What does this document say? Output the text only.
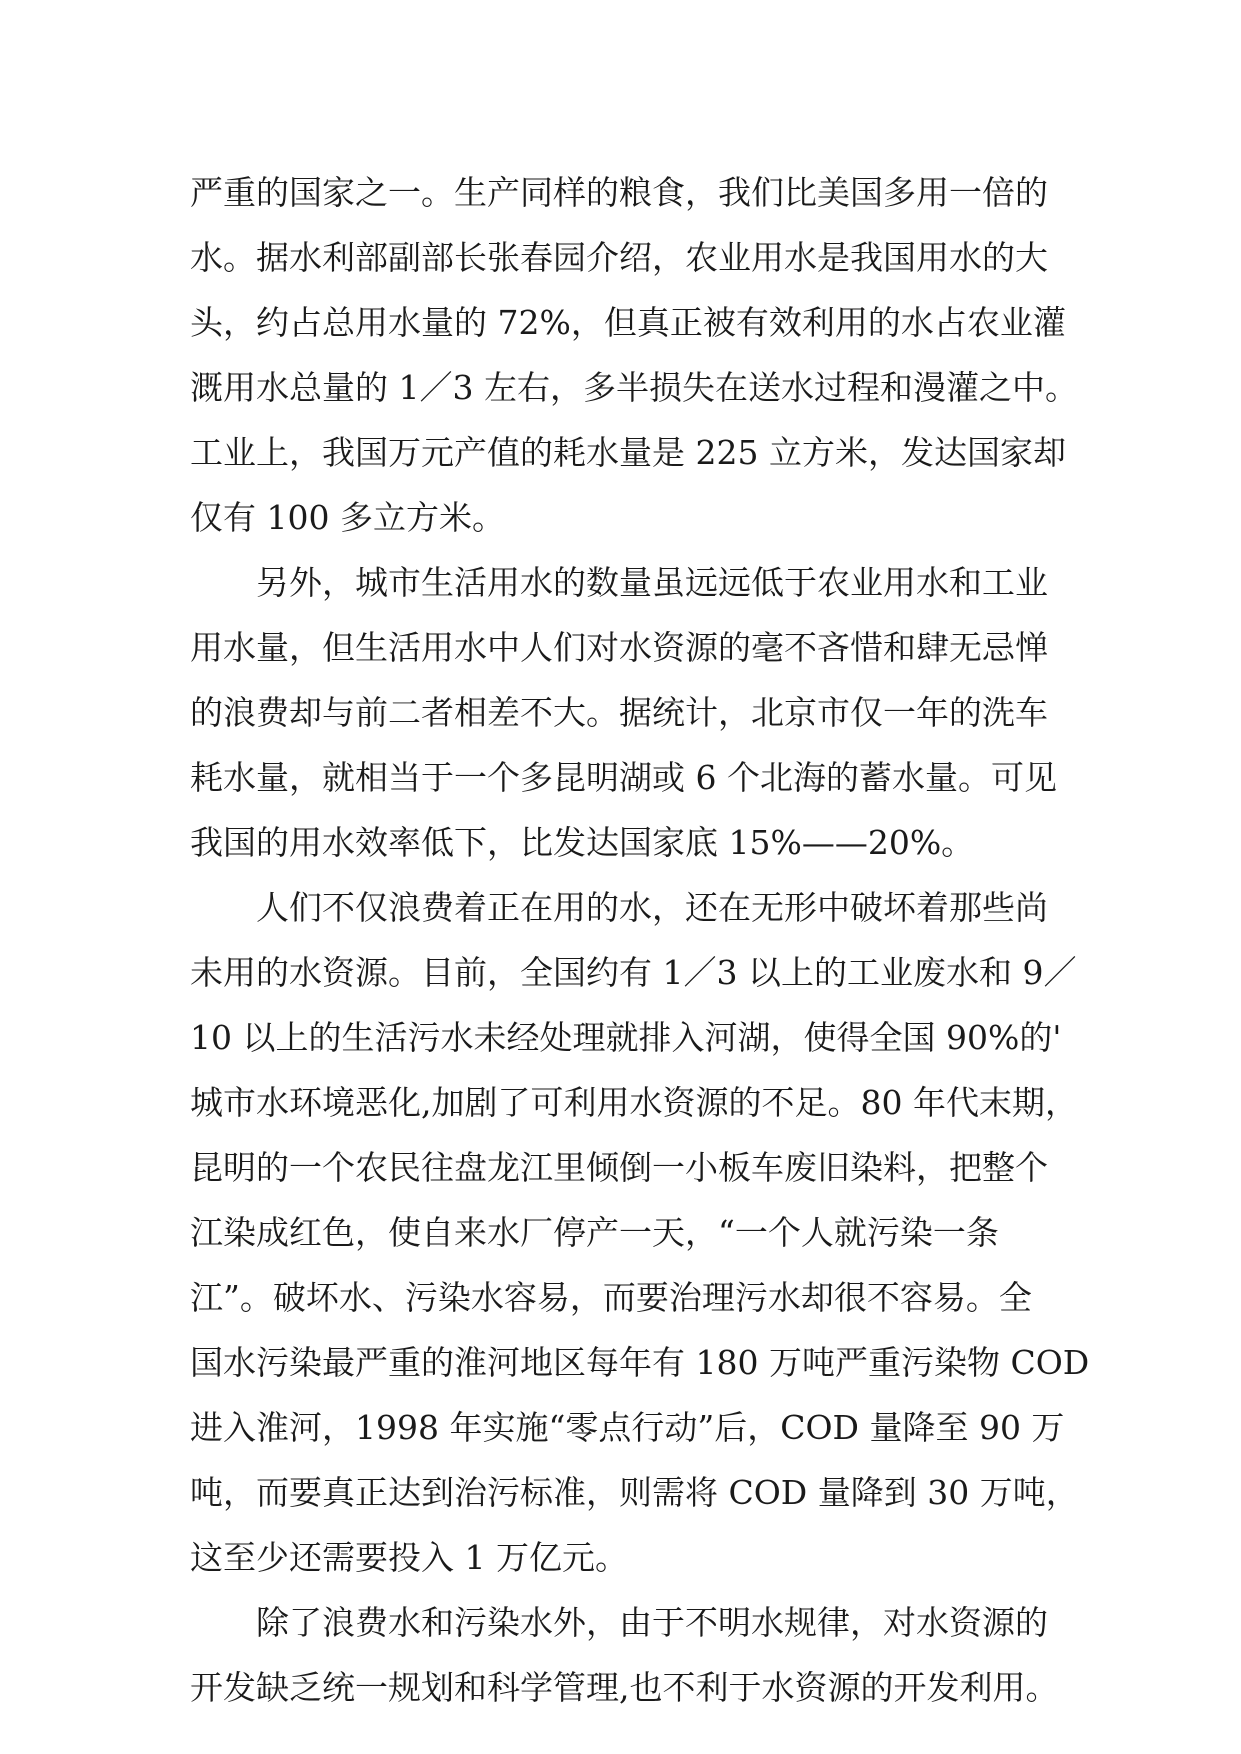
严重的国家之一。生产同样的粮食，我们比美国多用一倍的
水。据水利部副部长张春园介绍，农业用水是我国用水的大
头，约占总用水量的 72%，但真正被有效利用的水占农业灌
溉用水总量的 1／3 左右，多半损失在送水过程和漫灌之中。
工业上，我国万元产值的耗水量是 225 立方米，发达国家却
仅有 100 多立方米。
另外，城市生活用水的数量虽远远低于农业用水和工业
用水量，但生活用水中人们对水资源的毫不吝惜和肆无忌惮
的浪费却与前二者相差不大。据统计，北京市仅一年的洗车
耗水量，就相当于一个多昆明湖或 6 个北海的蓄水量。可见
我国的用水效率低下，比发达国家底 15%——20%。
人们不仅浪费着正在用的水，还在无形中破坏着那些尚
未用的水资源。目前，全国约有 1／3 以上的工业废水和 9／
10 以上的生活污水未经处理就排入河湖，使得全国 90%的'
城市水环境恶化,加剧了可利用水资源的不足。80 年代末期，
昆明的一个农民往盘龙江里倾倒一小板车废旧染料，把整个
江染成红色，使自来水厂停产一天，“一个人就污染一条
江”。破坏水、污染水容易，而要治理污水却很不容易。全
国水污染最严重的淮河地区每年有 180 万吨严重污染物 COD
进入淮河，1998 年实施“零点行动”后，COD 量降至 90 万
吨，而要真正达到治污标准，则需将 COD 量降到 30 万吨，
这至少还需要投入 1 万亿元。
除了浪费水和污染水外，由于不明水规律，对水资源的
开发缺乏统一规划和科学管理,也不利于水资源的开发利用。
